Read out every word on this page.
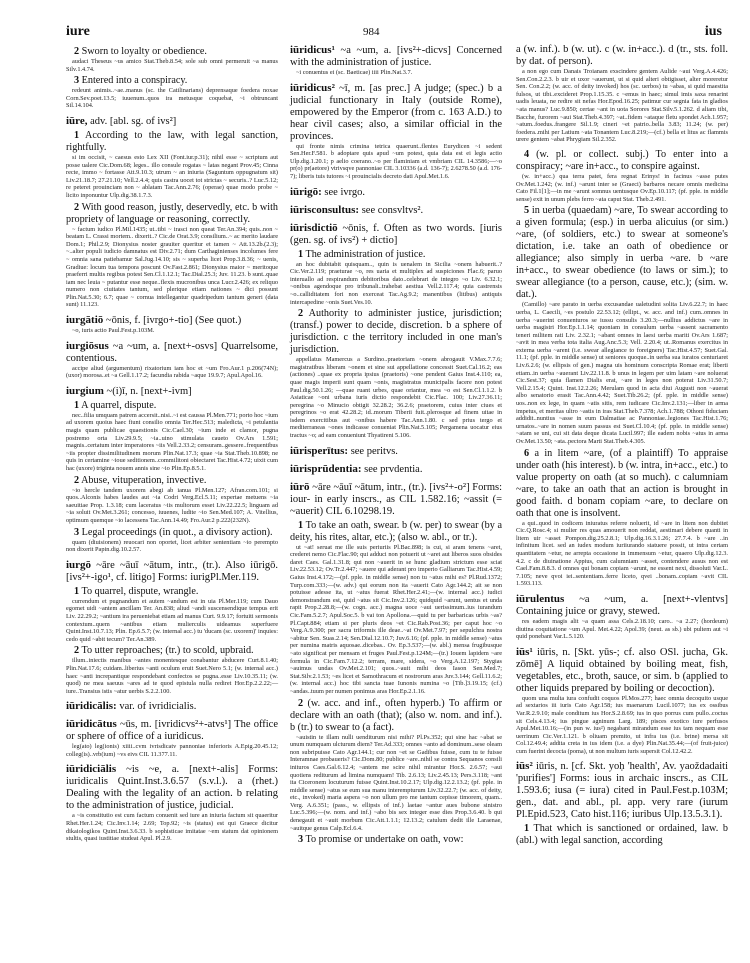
iure	984	ius
2 Sworn to loyalty or obedience.
audaci Theseus ~us amico Stat.Theb.8.54; sole sub omni permeruit ~a manus Silv.1.4.74.
3 Entered into a conspiracy.
redeunt animis..~ae..manus (sc. the Catilinarians) deprensaque foedera noxae Corn.Sev.poet.13.5; iuuenum..quos ira metusque coquebat, ~i obtruncant Sil.14.104.
iūre, adv. [abl. sg. of ivs²]
1 According to the law, with legal sanction, rightfully.
si im occisit, ~ caesus esto Lex XII (Font.iur.p.31); nihil esse ~ scriptum aut posse ualere Cic.Dom.68; leges.. illo consule rogatas ~ latas negant Prov.45; Cinna recte, immo ~ fortasse Att.9.10.3; utrum ~ an iniuria (Saguntum oppugnatum sit) Liv.21.18.7; 27.21.10; Vell.2.4.4; quis castra uocet tot strictas ~ securis..? Luc.5.12; re peteret prouinciam non ~ ablatam Tac.Ann.2.76; (operae) quae modo probe ~ licito inponuntur Ulp.dig.38.1.7.3.
2 With good reason, justly, deservedly, etc. b with propriety of language or reasoning, correctly.
~ factum iudico Pl.Mil.1435; ut..tibi ~ irasci non queat Ter.An.394; quis..non ~ beatam L. Crassi mortem.. dixerit..? Cic.de Orat.3.9; consilium..~ ac merito laudare Dom.1; Phil.2.9; Dionysius noster grauiter queritur et tamen ~ Att.13.2b.(2.3); ~..alter populi iudicio damnatus est Div.2.71; dum Carthaginienses incolumes fere ~ omnia sana patiebamur Sal.Jug.14.10; sis ~ superba licet Prop.3.8.36; ~ uenis, Gradiue: locum tua tempora poscunt Ov.Fast.2.861; Dionysius maior ~ meritoque praeferri multis regibus potest Sen.Cl.1.12.1; Tac.Dial.25.3; Juv. 11.23. b sunt..quae iam nec leuia ~ putantur esse neque..flexis mucronibus unca Lucr.2.426; ex reliquo numero non ciuitates tantum, sed plerique etiam nationes ~ dici possunt Plin.Nat.5.30; 6.7; quae ~ cornua intellegantur quadripedum tantum generi (data sunt) 11.123.
iurgātiō ~ōnis, f. [ivrgo+-tio] (See quot.)
~o, iuris actio Paul.Fest.p.103M.
iurgiōsus ~a ~um, a. [next+-osvs] Quarrelsome, contentious.
accipe aliud (argumentum) rixatorium iam hoc et ~um Fro.Aur.1 p.206(74N); (uxor) morosa..et ~a Gell.1.17.2; facundia rabida ~aque 19.9.7; Apul.Apol.16.
iurgium ~(i)ī, n. [next+-ivm]
1 A quarrel, dispute.
nec..filia umquam patrem accersit..nisi..~i est caussa Pl.Men.771; porto hoc ~ium ad uxorem quoius haec fiunt consilio omnia Ter.Hec.513; maledicta, ~i petulantia magis quam publicae quaestionis Cic.Cael.30; ~ium inde et clamor, pugna postremo orta Liv.29.9.5; ~ia..uino stimulata caueto Ov.Ars 1.591; magnis..certatum inter imperatores ~iis Vell.2.33.2; censuram..gessere..frequentibus ~iis propter dissimilitudinem morum Plin.Nat.17.3; quae ~ia Stat.Theb.10.898; ne quis in certamine ~ioue seditionem..commilitoni obiectaret Tac.Hist.4.72; uixit cum hac (uxore) triginta nouem annis sine ~io Plin.Ep.8.5.1.
2 Abuse, vituperation, invective.
~io hercle tandem uxorem abegi ab ianua Pl.Men.127; Afran.com.101; si quos..Alconis habes laudes aut ~ia Codri Verg.Ecl.5.11; expertae metuens ~ia saeuitiae Prop. 1.3.18; cum laceratus ~iis multorum esset Liv.22.22.5; linguam ad ~ia soluit Ov.Met.3.261; concesso, iuuenes, ludite ~io Sen.Med.107; A. Vitellius, optimum quemque ~io lacessens Tac.Ann.14.49; Fro.Aur.2 p.222(232N).
3 Legal proceedings (in quot., a divisory action).
quam (diuisionem) reuocari non oportet, licet arbiter sententiam ~io perempto non dixerit Papin.dig.10.2.57.
iurgō ~āre ~āuī ~ātum, intr., (tr.). Also iūrigō. [ivs²+-igo¹, cf. litigo] Forms: iurigPl.Mer.119.
1 To quarrel, dispute, wrangle.
currendum et pugnandum et autem ~andum est in uia Pl.Mer.119; cum Dauo egomet uidi ~antem ancillam Ter. An.838; aliud ~andi suscensendique tempus erit Liv. 22.29.2; ~antium ira perueniebat etiam ad manus Curt. 9.9.17; fortuiti sermonis contextum..quem ~antibus etiam mulierculis uideamus superfuere Quint.Inst.10.7.13; Plin. Ep.6.5.7; (w. internal acc.) tu 'ducam (sc. uxorem)' inquies: cedo quid ~abit tecum? Ter.An.389.
2 To utter reproaches; (tr.) to scold, upbraid.
illum..iniectis manibus ~antes monentesque conabantur abducere Curt.8.1.40; Plin.Nat.17.6; cuidam..liberius ~anti oculum eruit Suet.Nero 5.1; (w. internal acc.) haec ~anti increpantique respondebant confectos se pugna..esse Liv.10.35.11; (w. quod) ne mea saeuus ~ares ad te quod epistula nulla rediret Hor.Ep.2.2.22;— iure..Transius istis ~atur uerbis S.2.2.100.
iūridicālis: var. of ivridicialis.
iūridicātus ~ūs, m. [ivridicvs²+-atvs¹] The office or sphere of office of a iuridicus.
leg(ato) leg(ionis) xiiii..cvm ivrisdicatv pannoniae inferioris A.Epig.20.45.12; colleg(is)..vrb(ium) ~vs eivs CIL 11.377.11.
iūridiciālis ~is ~e, a. [next+-alis] Forms: iuridicalis Quint.Inst.3.6.57 (s.v.l.). a (rhet.) Dealing with the legality of an action. b relating to the administration of justice, judicial.
a ~is constitutio est cum factum conuenit sed iure an iniuria factum sit quaeritur Rhet.Her.1.24; Cic.Inv.1.14; 2.69; Top.92; ~is (status) est qui Graece dicitur dikaiologikos Quint.Inst.3.6.33. b sophisticae imitatae ~em statum dat opinionem stultis, quasi iustitiae studeat Apul. Pl.2.9.
iūridicus¹ ~a ~um, a. [ivs²+-dicvs] Concerned with the administration of justice.
~i conuentus ei (sc. Baeticae) iiii Plin.Nat.3.7.
iūridicus² ~ī, m. [as prec.] A judge; (spec.) b a judicial functionary in Italy (outside Rome), empowered by the Emperor (from c. 163 A.D.) to hear civil cases; also, a similar official in the provinces.
qui fronte nimis crimina tetrica quaerunt..flentes Eurydicen ~i sedent Sen.Her.F.581. b adoptare quis apud ~um potest, quia data est ei legis actio Ulp.dig.1.20.1; p aelio coerano..~o per flaminiam et vmbriam CIL 14.3586;—~o pr(o) pr(aetore) vtrivsqve pannoniae CIL 3.10336 (a.d. 136-7); 2.6278.50 (a.d. 176-7); liberis tuis tutores ~i prouincialis decreto dati Apul.Met.1.6.
iūrigō: see ivrgo.
iūrisconsultus: see consvltvs².
iūrisdictiō ~ōnis, f. Often as two words. [iuris (gen. sg. of ivs²) + dictio]
1 The administration of justice.
an hoc dubitabit quisquam.., quin is uenalem in Sicilia ~onem habuerit..? Cic.Ver.2.119; praeturae ~o, res uaria et multiplex ad suspiciones Flac.6; paruo interuallo ad respirandum debitoribus dato..celebrari de integro ~o Liv. 6.32.1; ~onibus agendoque pro tribunali..trahebat aestiua Vell.2.117.4; quia castrensis ~o..calliditatem fori non exerceat Tac.Ag.9.2; manentibus (litibus) antiquis intercapedine ~onis Suet.Ves.10.
2 Authority to administer justice, jurisdiction; (transf.) power to decide, discretion. b a sphere of jurisdiction. c the territory included in one man's jurisdiction.
appellatus Mamercus a Surdino..praetoriam ~onem abrogauit V.Max.7.7.6; magistratibus liberam ~onem et sine sui appellatione concessit Suet.Cal.16.2; eas (actiones) ..quae ex propria ipsius (praetoris) ~one pendent Gaius Inst.4.110; ea, quae magis imperii sunt quam ~onis, magistratus municipalis facere non potest Paul.dig.50.1.26; —quae ruant urbes, quae oriantur, mea ~o est Sen.Cl.1.1.2. b Asiaticae ~oni urbana iuris dictio respondebit Cic.Flac. 100; Liv.27.36.11; peregrina ~o Minucio obtigit 32.28.2; 36.2.6; praetorem, cuius inter ciues et peregrinos ~o erat 42.28.2; id..morum Tiberii fuit..plerosque ad finem uitae in isdem exercitibus aut ~onibus habere Tac.Ann.1.80. c sed prius tergo et mediterraneas ~ones indicasse conueniat Plin.Nat.5.105; Pergamena uocatur eius tractus ~o; ad eam conueniunt Thyatireni 5.106.
iūrisperītus: see peritvs.
iūrisprūdentia: see prvdentia.
iūrō ~āre ~āuī ~ātum, intr., (tr.). [ivs²+-o²] Forms: iour- in early inscrs., as CIL 1.582.16; ~assit (= ~auerit) CIL 6.10298.19.
1 To take an oath, swear. b (w. per) to swear (by a deity, his rites, altar, etc.); (also w. abl., or tr.).
ut ~at! seruat me ille suis periuriis Pl.Bac.898; is cui, si aram tenens ~aret, crederet nemo Cic.Flac.90; qui adduci non potuerit ut ~aret aut liberos suos obsides daret Caes. Gal.1.31.8; qui non ~auerit in se hunc gladium strictum esse sciat Liv.22.53.12; Ov.Tr.2.447; ~auere qui aderant pro imperio Galliarum Tac.Hist.4.59; Gaius Inst.4.172;—(pf. pple. in middle sense) non tu ~atus mihi es? Pl.Rud.1372; Turp.com.333;—(w. adv.) qui eorum non ita ~auerit Cato Agr.144.2; ait se non potuisse adesse ita, ut ~atus fuerat Rhet.Her.2.41;—(w. internal acc.) iudici demonstrandum est, quid ~atus sit Cic.Inv.2.126; quidquid ~arunt, uentus et unda rapit Prop.2.28.8;—(w. cogn. acc.) magna uoce ~aui uerissimum..ius iurandum Cic.Fam.5.2.7; Apul.Soc.5. b vai ton Apollona.—quid tu per barbaricas urbis ~as? Pl.Capt.884; etiam si per pluris deos ~et Cic.Rab.Post.36; per caput hoc ~o Verg.A.9.300; per sacra triformis ille deae..~at Ov.Met.7.97; per sepulchra nostra ~abitur Sen. Suas.2.14; Sen.Dial.12.10.7; Juv.6.16; (pf. pple. in middle sense) ~atus per numina matris aquosae..dicebas.. Ov. Ep.3.537;—(w. abl.) mensa frugibusque ~ato significat per mensam et fruges Paul.Fest.p.124M;—(tr.) Iouem lapidem ~are formula in Cic.Fam.7.12.2; terram, mare, sidera, ~o Verg.A.12.197; Stygias ~auimus undas Ov.Met.2.101; quos..~auit mihi deos Iason Sen.Med.7; Stat.Silv.2.1.53; ~es licet et Samothracum et nostrorum aras Juv.3.144; Gell.11.6.2; (w. internal acc.) hoc tibi sancta tuae Iunonis numina ~o [Tib.]3.19.15; (cf.) ~andas..tuum per numen ponimus aras Hor.Ep.2.1.16.
2 (w. acc. and inf., often hyperb.) To affirm or declare with an oath (that); (also w. nom. and inf.). b (tr.) to swear to (a fact).
~auistin te illam nulli uenditurum nisi mihi? Pl.Ps.352; qui sine hac ~abat se unum numquam ulcturum diem? Ter.Ad.333; omnes ~anto ad dominum..sese oleam non subripuisse Cato Agr.144.1; cur non ~et se Gadibus fuisse, cum tu te fuisse Interamnae probaueris? Cic.Dom.80; publice ~are..nihil se contra Sequanos consili inituros Caes.Gal.6.12.4; ~antem me scire nihil mirantur Hor.S. 2.6.57; ~aui quotiens rediturum ad limina numquam! Tib. 2.6.13; Liv.2.45.13; Pers.3.118; ~ant ita Ciceronem locuturum fuisse Quint.Inst.10.2.17; Ulp.dig.12.2.13.2; (pf. pple. in middle sense) ~atus se eum sua manu interempturum Liv.32.22.7; (w. acc. of deity, etc., invoked) maria aspera ~o non ullum pro me tantum cepisse timorem, quam.. Verg. A.6.351; (pass., w. ellipsis of inf.) laetae ~antur aues bubone sinistro Luc.5.396;—(w. nom. and inf.) ~abo bis sex integer esse dies Prop.3.6.40. b qui denegauit et ~auit morbum Cic.Att.1.1.1; 12.13.2; catulum dedit ille Laraenae, ~auitque genus Calp.Ecl.6.4.
3 To promise or undertake on oath, vow:
a (w. inf.). b (w. ut). c (w. in+acc.). d (tr., sts. foll. by dat. of person).
a non ego cum Danais Troianam exscindere gentem Aulide ~aui Verg.A.4.426; Sen.Con.2.2.3. b uir et uxor ~auerunt, ut si quid alteri obtigisset, alter moreretur Sen. Con.2.2; (w. acc. of deity invoked) hos (sc. uerbos) tu ~abas, si quid maestita fulsos, ut tibi..excideret Prop.1.15.35. c ~emus in haec; simul imis saxa renarint uadis leuata, ne redire sit nefas Hor.Epod.16.25; patimur cur segnia fata in gladios ~ata manus? Luc.9.850; certae ~ant in uota Sorores Stat.Silv.5.1.262. d aliam tibi, Bacche, furorem ~aui Stat.Theb.4.397; ~at..fidem ~ataque fletu spondet Ach.1.957; ~atum..foedus..frangere Sil.1.9; cineri ~et patrio..bella 3.83; 11.24; (w. per) foedera..mihi per Latium ~ata Tonantem Luc.8.219;—(cf.) bella et litus ac flammis urere gentem ~abat Phrygiam Sil.2.352.
4 (w. pl. or collect. subj.) To enter into a conspiracy; ~are in+acc., to conspire against.
(w. in+acc.) qua terra patet, fera regnat Erinys! in facinus ~asse putes Ov.Met.1.242; (w. inf.) ~arunt inter se (Graeci) barbaros necare omnis medicina Cato Fil.1[1];—in me ~arunt somnus uentusque Ov.Ep.10.117; (pf. pple. in middle sense) exit in unum plebs ferro ~ata caput Stat. Theb.2.491.
5 in uerba (quaedam) ~are, To swear according to a given formula; (esp.) in uerba alicuius (or sim.) ~are, (of soldiers, etc.) to swear at someone's dictation, i.e. take an oath of obedience or allegiance; also simply in uerba ~are. b ~are in+acc., to swear obedience (to laws or sim.); to swear allegiance (to a person, cause, etc.); (sim. w. dat.).
(Camillo) ~are parato in uerba excusandae ualetudini solita Liv.6.22.7; in haec uerba, L. Caecili, ~es postulo 22.53.12; (ellipt., w. acc. and inf.) cum..omnes in uerba ~auerint conuenturos se iussu consulis 3.20.3;—nullius addictus ~are in uerba magistri Hor.Ep.1.1.14; quoniam in consulum uerba ~assent sacramento teneri militem rati Liv. 2.32.1; ~abant omnes in laesi uerba mariti Ov.Ars 1.687; ~avit in mea verba tota italia Aug.Anc.5.3; Vell. 2.20.4; ut..Romanus exercitus in externa uerba ~arent (i.e. swear allegiance to foreigners) Tac.Hist.4.57; Suet.Gal. 11.1; (pf. pple. in middle sense) ut seniores quoque..in uerba sua iuratos centuriaret Liv.6.2.6; (w. ellipsis of gen.) magna uis hominum conscripta Romae erat; liberti etiam..in uerba ~auerant Liv.22.11.8. b unus in legem per uim latam ~are noluerat Cic.Sest.37; quia flamen Dialis erat, ~are in leges non poterat Liv.31.50.7; Vell.2.15.4; Quint. Inst.12.2.26; Merulam quod in acta diui Augusti non ~auerat albo senatorio erasit Tac.Ann.4.42; Suet.Tib.26.2; (pf. pple. in middle sense) uos..non ex lege, in quam ~atis sitis, rem iudicare Cic.Inv.2.131;—liber in arma impetus, et meritas ultro ~astis in iras Stat.Theb.7.378; Ach.1.788; Othoni fiduciam addidit..nuntius ~asse in eum Dalmatiae ac Pannoniae..legiones Tac.Hist.1.76; urnatos..~are in nomen suum passus est Suet.Cl.10.4; (pf. pple. in middle sense) ~atam se uni, cui sit data deque dicata Lucil.997; ille eadem nobis ~atus in arma Ov.Met.13.50; ~ata..pectora Marti Stat.Theb.4.305.
6 a in litem ~are, (of a plaintiff) To appraise under oath (his interest). b (w. intra, in+acc., etc.) to value property on oath (at so much). c calumniam ~are, to take an oath that an action is brought in good faith. d bonam copiam ~are, to declare on oath that one is insolvent.
a qui..quod in codicem iniuratus referre noluerit, id ~are in litem non dubitet Cic.Q.Rosc.4; si mulier res quas amouerit non reddat, aestimari debere quanti in litem uir ~asset Pompon.dig.25.2.8.1; Ulp.dig.16.3.1.26; 27.7.4. b ~are ..in infinitum licet. sed an iudex modum iuriiurando statuere possit, ut intra certam quantitatem ~etur, ne arrepta occasione in immensum ~etur, quaero Ulp.dig.12.3. 4.2. c de diuinatione Appius, cum calumniam ~asset, contendere ausus non est Cael.Fam.8.8.3. d omnes qui bonam copiam ~arunt, ne essent nexi, dissoluti Var.L. 7.105; neve qvoi iei..sententiam..ferre liceto, qvei ..bonam..copiam ~avit CIL 1.593.113.
iūrulentus ~a ~um, a. [next+-vlentvs] Containing juice or gravy, stewed.
res eadem magis alit ~a quam assa Cels.2.18.10; caro.. ~a 2.27; (hordeum) diutina coquitatione ~um Apul. Met.4.22; Apol.39; (neut. as sb.) ubi pultem aut ~i quid ponebant Var.L.5.120.
iūs¹ iūris, n. [Skt. yūs-; cf. also OSl. jucha, Gk. zōmē] A liquid obtained by boiling meat, fish, vegetables, etc., broth, sauce, or sim. b (applied to other liquids prepared by boiling or decoction).
quom una multa iura confudit coquos Pl.Mos.277; haec omnia decoquito usque ad sextarios iii iuris Cato Agr.158; ius maenarum Lucil.1077; ius ex ossibus Var.R.2.9.10; male conditum ius Hor.S.2.8.69; ius in quo porrus cum pullo..coctus sit Cels.4.13.4; ius pingue agninum Larg. 189; pisces exotico iure perfusos Apul.Met.10.16;—(in pun w. ius²) negabant mirandum esse ius tam nequam esse uerrinum Cic.Ver.1.121. b oliuam premito, ut infra ius (i.e. brine) mersa sit Col.12.49.4; addita creta in ius idem (i.e. a dye) Plin.Nat.35.44;—(of fruit-juice) cum fuerint decocta (poma), ut non multum iuris supersit Col.12.42.2.
iūs² iūris, n. [cf. Skt. yoḥ 'health', Av. yaoždadaiti 'purifies'] Forms: ious in archaic inscrs., as CIL 1.593.6; iusa (= iura) cited in Paul.Fest.p.103M; gen., dat. and abl., pl. app. very rare (iurum Pl.Epid.523, Cato hist.116; iuribus Ulp.13.5.3.1).
1 That which is sanctioned or ordained, law. b (abl.) with legal sanction, according
